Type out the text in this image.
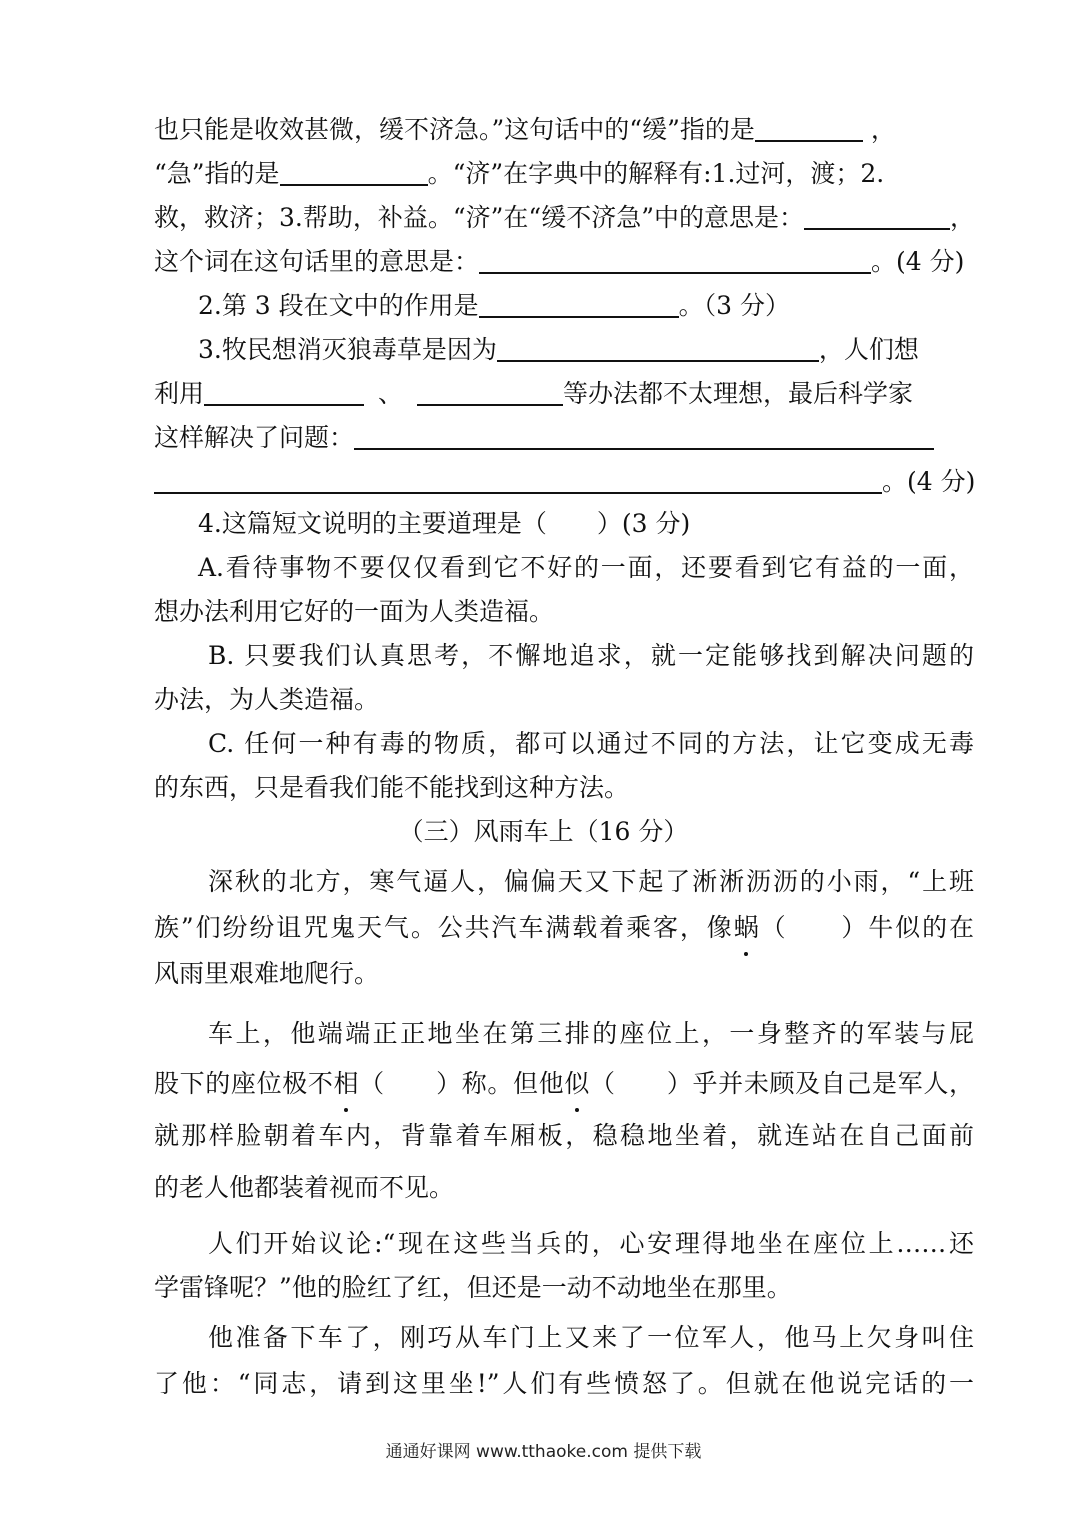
也只能是收效甚微，缓不济急。”这句话中的“缓”指的是	，
“急”指的是	。“济”在字典中的解释有:1.过河，渡；2.
救，救济；3.帮助，补益。“济”在“缓不济急”中的意思是：	，
这个词在这句话里的意思是：	。(4 分)
2.第 3 段在文中的作用是	。（3 分）
3.牧民想消灭狼毒草是因为	，人们想
利用	、	等办法都不太理想，最后科学家
这样解决了问题：
。(4 分)
4.这篇短文说明的主要道理是（　　）(3 分)
A.看待事物不要仅仅看到它不好的一面，还要看到它有益的一面，
想办法利用它好的一面为人类造福。
B. 只要我们认真思考，不懈地追求，就一定能够找到解决问题的
办法，为人类造福。
C. 任何一种有毒的物质，都可以通过不同的方法，让它变成无毒
的东西，只是看我们能不能找到这种方法。
（三）风雨车上（16 分）
深秋的北方，寒气逼人，偏偏天又下起了淅淅沥沥的小雨，“上班
族”们纷纷诅咒鬼天气。公共汽车满载着乘客，像蜗（　　）牛似的在
风雨里艰难地爬行。
车上，他端端正正地坐在第三排的座位上，一身整齐的军装与屁
股下的座位极不相（　　）称。但他似（　　）乎并未顾及自己是军人，
就那样脸朝着车内，背靠着车厢板，稳稳地坐着，就连站在自己面前
的老人他都装着视而不见。
人们开始议论:“现在这些当兵的，心安理得地坐在座位上……还
学雷锋呢？”他的脸红了红，但还是一动不动地坐在那里。
他准备下车了，刚巧从车门上又来了一位军人，他马上欠身叫住
了他：“同志，请到这里坐!”人们有些愤怒了。但就在他说完话的一
通通好课网 www.tthaoke.com 提供下载
